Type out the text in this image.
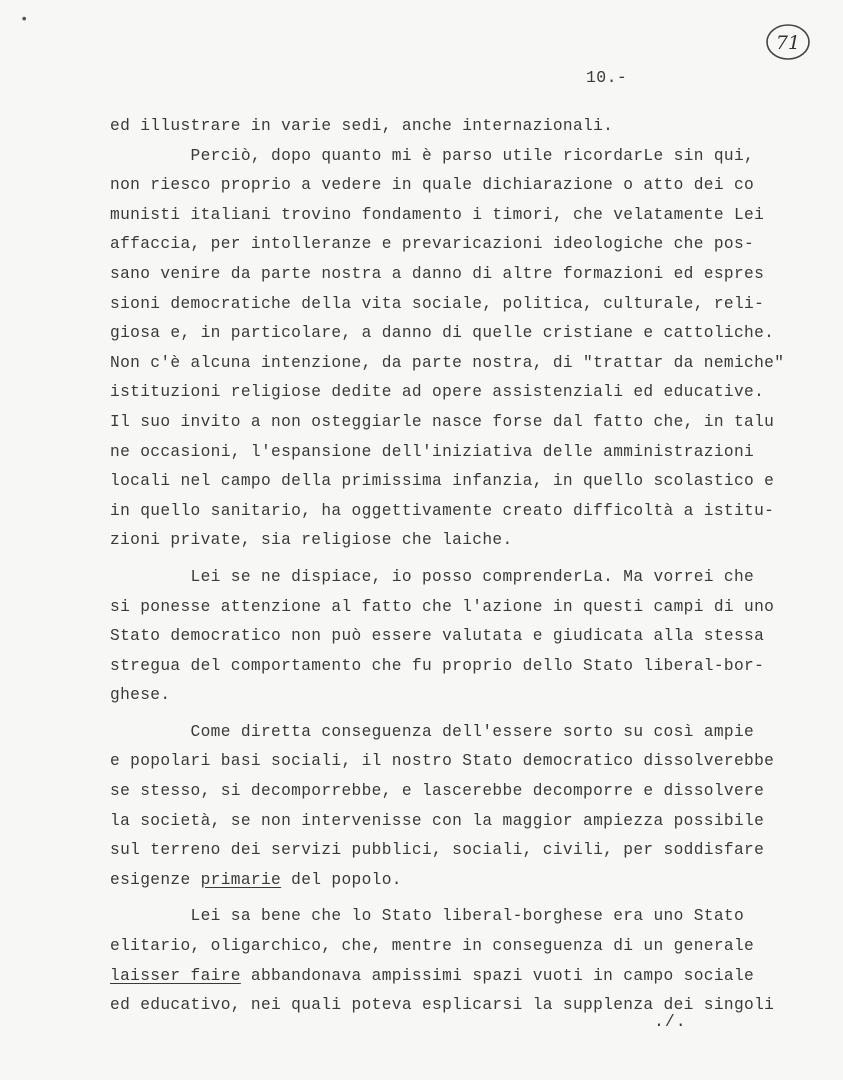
•
71
10.-
ed illustrare in varie sedi, anche internazionali.
Perciò, dopo quanto mi è parso utile ricordarLe sin qui,
non riesco proprio a vedere in quale dichiarazione o atto dei co
munisti italiani trovino fondamento i timori, che velatamente Lei
affaccia, per intolleranze e prevaricazioni ideologiche che pos-
sano venire da parte nostra a danno di altre formazioni ed espres
sioni democratiche della vita sociale, politica, culturale, reli-
giosa e, in particolare, a danno di quelle cristiane e cattoliche.
Non c'è alcuna intenzione, da parte nostra, di "trattar da nemiche"
istituzioni religiose dedite ad opere assistenziali ed educative.
Il suo invito a non osteggiarle nasce forse dal fatto che, in talu
ne occasioni, l'espansione dell'iniziativa delle amministrazioni
locali nel campo della primissima infanzia, in quello scolastico e
in quello sanitario, ha oggettivamente creato difficoltà a istitu-
zioni private, sia religiose che laiche.
Lei se ne dispiace, io posso comprenderLa. Ma vorrei che
si ponesse attenzione al fatto che l'azione in questi campi di uno
Stato democratico non può essere valutata e giudicata alla stessa
stregua del comportamento che fu proprio dello Stato liberal-bor-
ghese.
Come diretta conseguenza dell'essere sorto su così ampie
e popolari basi sociali, il nostro Stato democratico dissolverebbe
se stesso, si decomporrebbe, e lascerebbe decomporre e dissolvere
la società, se non intervenisse con la maggior ampiezza possibile
sul terreno dei servizi pubblici, sociali, civili, per soddisfare
esigenze primarie del popolo.
Lei sa bene che lo Stato liberal-borghese era uno Stato
elitario, oligarchico, che, mentre in conseguenza di un generale
laisser faire abbandonava ampissimi spazi vuoti in campo sociale
ed educativo, nei quali poteva esplicarsi la supplenza dei singoli
./.
